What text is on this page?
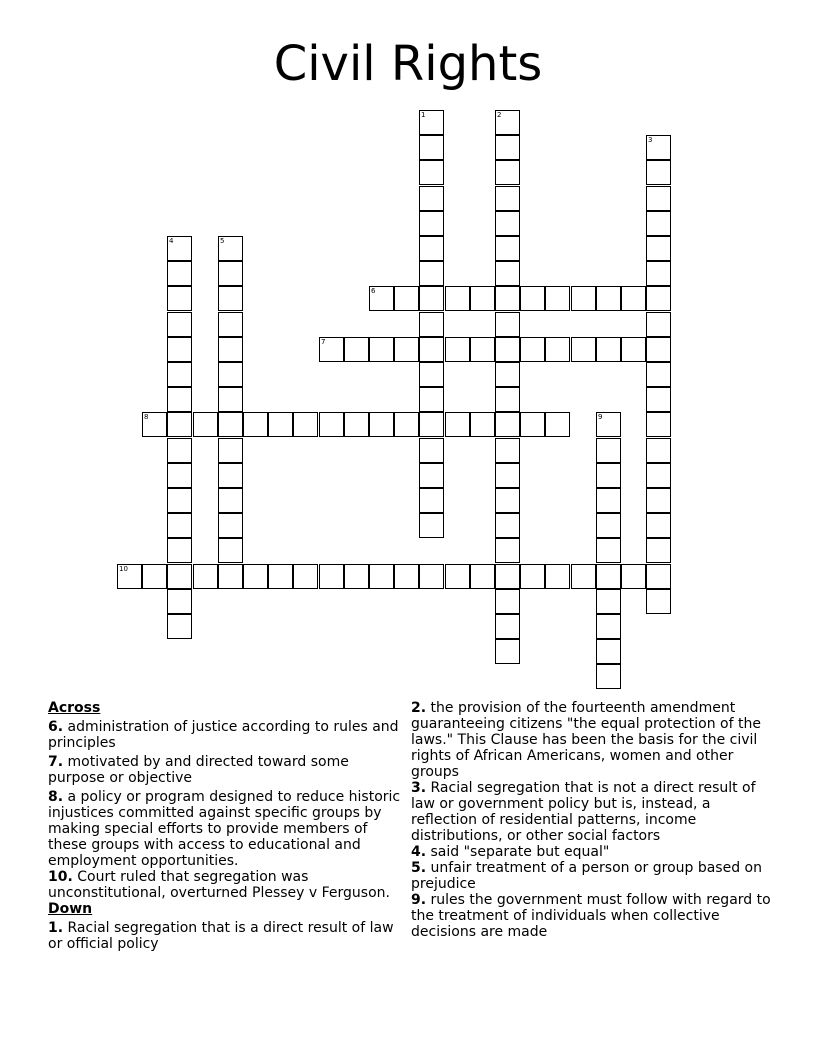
Civil Rights
1	2
3
4	5
6
7
8	9
10
Across
6. administration of justice according to rules and principles
7. motivated by and directed toward some purpose or objective
8. a policy or program designed to reduce historic injustices committed against specific groups by making special efforts to provide members of these groups with access to educational and employment opportunities.
10. Court ruled that segregation was unconstitutional, overturned Plessey v Ferguson.
Down
1. Racial segregation that is a direct result of law or official policy
2. the provision of the fourteenth amendment guaranteeing citizens "the equal protection of the laws." This Clause has been the basis for the civil rights of African Americans, women and other groups
3. Racial segregation that is not a direct result of law or government policy but is, instead, a reflection of residential patterns, income distributions, or other social factors
4. said "separate but equal"
5. unfair treatment of a person or group based on prejudice
9. rules the government must follow with regard to the treatment of individuals when collective decisions are made
